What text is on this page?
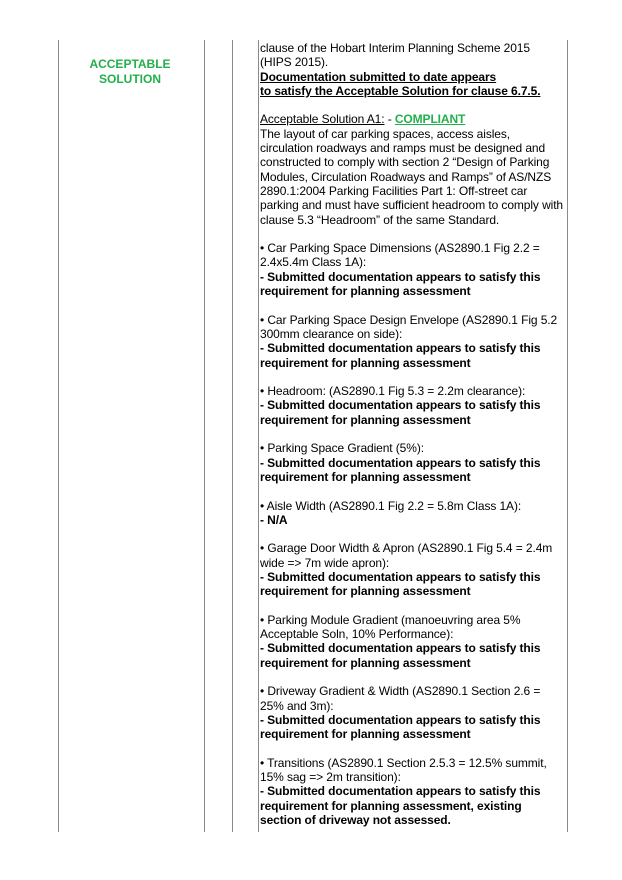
ACCEPTABLE
SOLUTION

clause of the Hobart Interim Planning Scheme 2015

(HIPS 2015).

Documentation submitted to date appears

to satisfy the Acceptable Solution for clause 6.7.5.

Acceptable Solution A1: - COMPLIANT

The layout of car parking spaces, access aisles, circulation roadways and ramps must be designed and constructed to comply with section 2 “Design of Parking Modules, Circulation Roadways and Ramps” of AS/NZS 2890.1:2004 Parking Facilities Part 1: Off-street car parking and must have sufficient headroom to comply with clause 5.3 “Headroom” of the same Standard.

• Car Parking Space Dimensions (AS2890.1 Fig 2.2 = 2.4x5.4m Class 1A):

- Submitted documentation appears to satisfy this requirement for planning assessment

• Car Parking Space Design Envelope (AS2890.1 Fig 5.2 300mm clearance on side):

- Submitted documentation appears to satisfy this requirement for planning assessment

• Headroom: (AS2890.1 Fig 5.3 = 2.2m clearance):

- Submitted documentation appears to satisfy this requirement for planning assessment

• Parking Space Gradient (5%):

- Submitted documentation appears to satisfy this requirement for planning assessment

• Aisle Width (AS2890.1 Fig 2.2 = 5.8m Class 1A):

- N/A

• Garage Door Width & Apron (AS2890.1 Fig 5.4 = 2.4m wide => 7m wide apron):

- Submitted documentation appears to satisfy this requirement for planning assessment

• Parking Module Gradient (manoeuvring area 5% Acceptable Soln, 10% Performance):

- Submitted documentation appears to satisfy this requirement for planning assessment

• Driveway Gradient & Width (AS2890.1 Section 2.6 = 25% and 3m):

- Submitted documentation appears to satisfy this requirement for planning assessment

• Transitions (AS2890.1 Section 2.5.3 = 12.5% summit, 15% sag => 2m transition):

- Submitted documentation appears to satisfy this requirement for planning assessment, existing section of driveway not assessed.
